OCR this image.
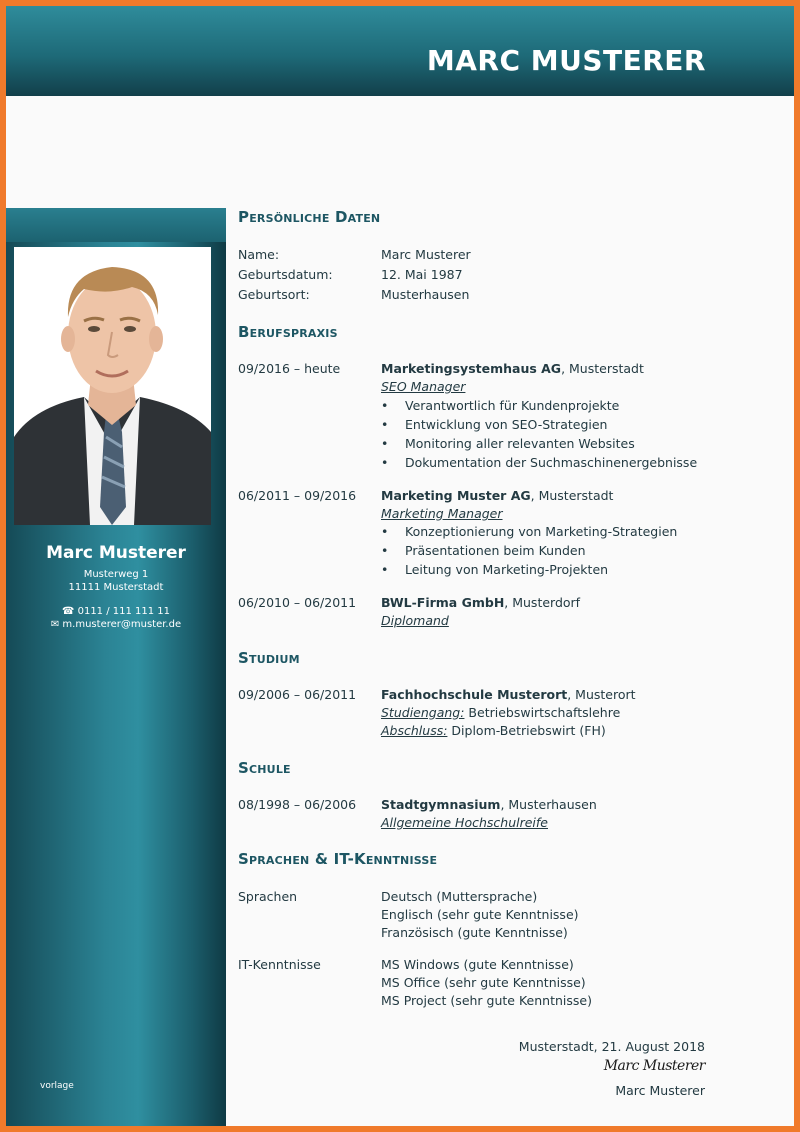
MARC MUSTERER
Marc Musterer
Musterweg 1
11111 Musterstadt
☎ 0111 / 111 111 11
✉ m.musterer@muster.de
vorlage
Persönliche Daten
Name:	Marc Musterer
Geburtsdatum:	12. Mai 1987
Geburtsort:	Musterhausen
Berufspraxis
09/2016 – heute	Marketingsystemhaus AG, Musterstadt
SEO Manager
• Verantwortlich für Kundenprojekte
• Entwicklung von SEO-Strategien
• Monitoring aller relevanten Websites
• Dokumentation der Suchmaschinenergebnisse
06/2011 – 09/2016 Marketing Muster AG, Musterstadt
Marketing Manager
• Konzeptionierung von Marketing-Strategien
• Präsentationen beim Kunden
• Leitung von Marketing-Projekten
06/2010 – 06/2011 BWL-Firma GmbH, Musterdorf
Diplomand
Studium
09/2006 – 06/2011 Fachhochschule Musterort, Musterort
Studiengang: Betriebswirtschaftslehre
Abschluss: Diplom-Betriebswirt (FH)
Schule
08/1998 – 06/2006 Stadtgymnasium, Musterhausen
Allgemeine Hochschulreife
Sprachen & IT-Kenntnisse
Sprachen	Deutsch (Muttersprache)
Englisch (sehr gute Kenntnisse)
Französisch (gute Kenntnisse)
IT-Kenntnisse	MS Windows (gute Kenntnisse)
MS Office (sehr gute Kenntnisse)
MS Project (sehr gute Kenntnisse)
Musterstadt, 21. August 2018
Marc Musterer
Marc Musterer
